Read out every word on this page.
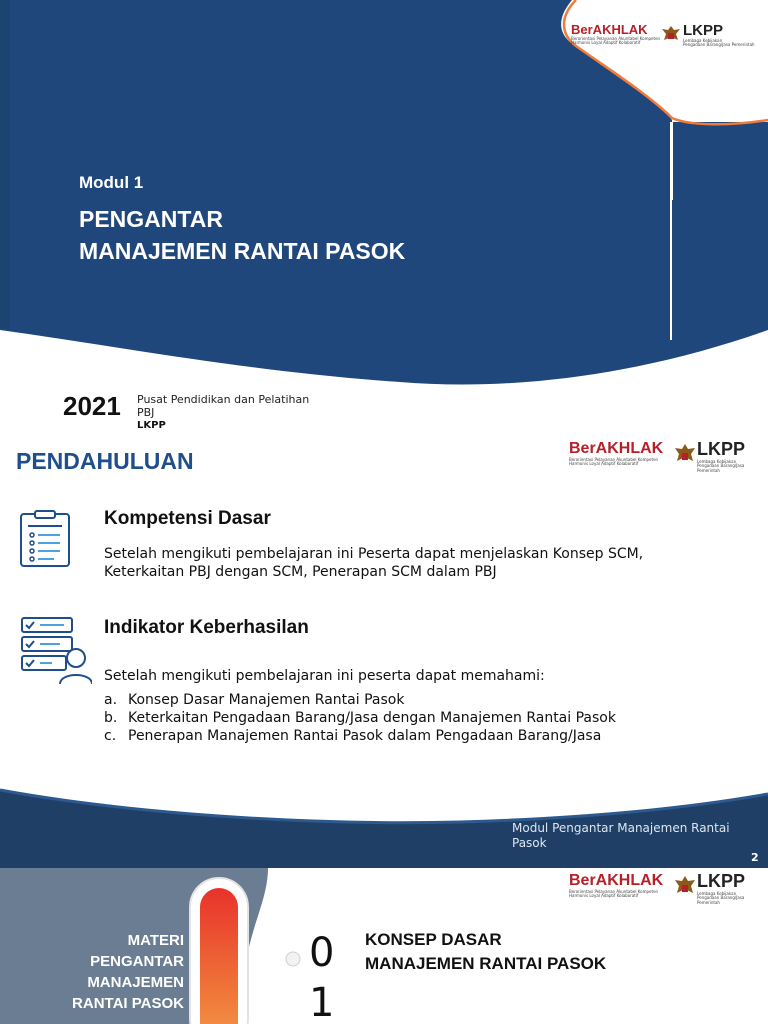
BerAKHLAK
Berorientasi Pelayanan Akuntabel Kompeten
Harmonis Loyal Adaptif Kolaboratif
LKPP
Lembaga Kebijakan
Pengadaan Barang/Jasa Pemerintah
Modul 1
PENGANTAR
MANAJEMEN RANTAI PASOK
2021 Pusat Pendidikan dan Pelatihan
PBJ
LKPP
PENDAHULUAN	BerAKHLAK
Berorientasi Pelayanan Akuntabel Kompeten
Harmonis Loyal Adaptif Kolaboratif
LKPP
Lembaga Kebijakan
Pengadaan Barang/Jasa Pemerintah
Kompetensi Dasar
Setelah mengikuti pembelajaran ini Peserta dapat menjelaskan Konsep SCM,
Keterkaitan PBJ dengan SCM, Penerapan SCM dalam PBJ
Indikator Keberhasilan
Setelah mengikuti pembelajaran ini peserta dapat memahami:
a. Konsep Dasar Manajemen Rantai Pasok
b. Keterkaitan Pengadaan Barang/Jasa dengan Manajemen Rantai Pasok
c. Penerapan Manajemen Rantai Pasok dalam Pengadaan Barang/Jasa
Modul Pengantar Manajemen Rantai
Pasok
2
BerAKHLAK
Berorientasi Pelayanan Akuntabel Kompeten
Harmonis Loyal Adaptif Kolaboratif
LKPP
Lembaga Kebijakan
Pengadaan Barang/Jasa Pemerintah
MATERI
PENGANTAR
MANAJEMEN
RANTAI PASOK
0
1
KONSEP DASAR
MANAJEMEN RANTAI PASOK
